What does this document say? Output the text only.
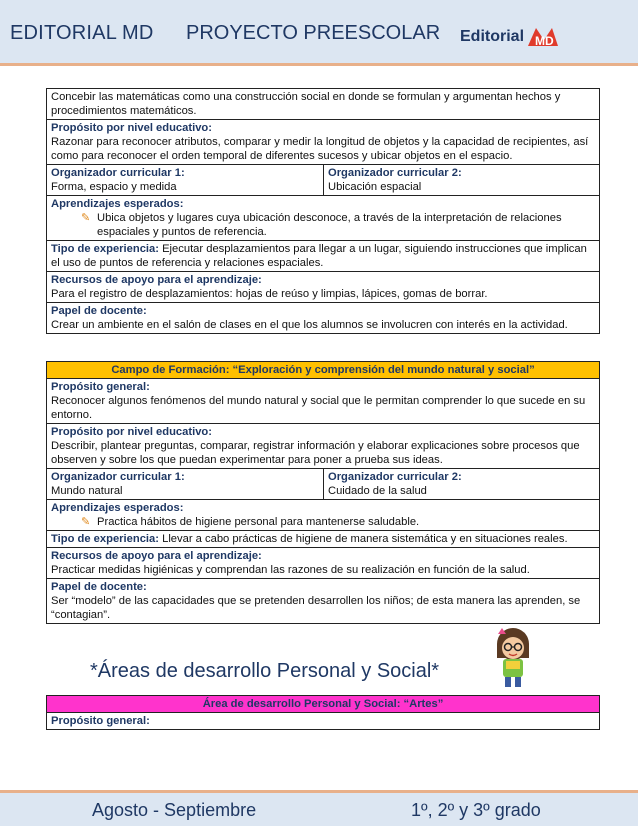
EDITORIAL MD PROYECTO PREESCOLAR Editorial MD
Concebir las matemáticas como una construcción social en donde se formulan y argumentan hechos y procedimientos matemáticos.

Propósito por nivel educativo:
Razonar para reconocer atributos, comparar y medir la longitud de objetos y la capacidad de recipientes, así como para reconocer el orden temporal de diferentes sucesos y ubicar objetos en el espacio.

Organizador curricular 1:
Forma, espacio y medida	
Organizador curricular 2:
Ubicación espacial

Aprendizajes esperados:
✎ Ubica objetos y lugares cuya ubicación desconoce, a través de la interpretación de relaciones espaciales y puntos de referencia.

Tipo de experiencia: Ejecutar desplazamientos para llegar a un lugar, siguiendo instrucciones que implican el uso de puntos de referencia y relaciones espaciales.

Recursos de apoyo para el aprendizaje:
Para el registro de desplazamientos: hojas de reúso y limpias, lápices, gomas de borrar.

Papel de docente:
Crear un ambiente en el salón de clases en el que los alumnos se involucren con interés en la actividad.
Campo de Formación: “Exploración y comprensión del mundo natural y social”

Propósito general:
Reconocer algunos fenómenos del mundo natural y social que le permitan comprender lo que sucede en su entorno.

Propósito por nivel educativo:
Describir, plantear preguntas, comparar, registrar información y elaborar explicaciones sobre procesos que observen y sobre los que puedan experimentar para poner a prueba sus ideas.

Organizador curricular 1:
Mundo natural	
Organizador curricular 2:
Cuidado de la salud

Aprendizajes esperados:
✎ Practica hábitos de higiene personal para mantenerse saludable.

Tipo de experiencia: Llevar a cabo prácticas de higiene de manera sistemática y en situaciones reales.

Recursos de apoyo para el aprendizaje:
Practicar medidas higiénicas y comprendan las razones de su realización en función de la salud.

Papel de docente:
Ser “modelo” de las capacidades que se pretenden desarrollen los niños; de esta manera las aprenden, se “contagian”.
*Áreas de desarrollo Personal y Social*
Área de desarrollo Personal y Social: “Artes”

Propósito general:
Agosto - Septiembre	1º, 2º y 3º grado
